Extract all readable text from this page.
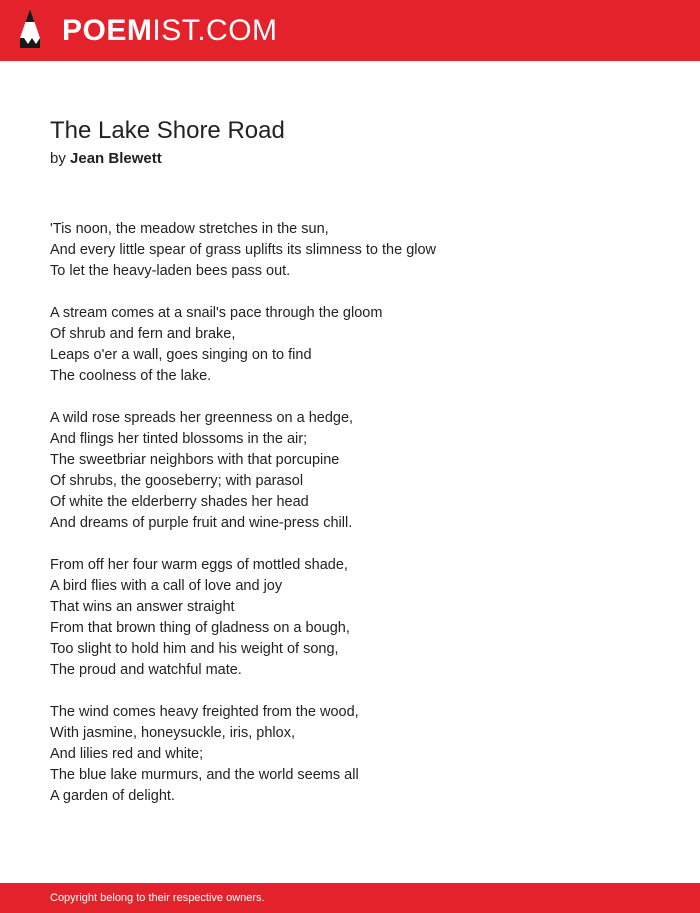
POEMIST.COM
The Lake Shore Road
by Jean Blewett
'Tis noon, the meadow stretches in the sun,
And every little spear of grass uplifts its slimness to the glow
To let the heavy-laden bees pass out.
A stream comes at a snail's pace through the gloom
Of shrub and fern and brake,
Leaps o'er a wall, goes singing on to find
The coolness of the lake.
A wild rose spreads her greenness on a hedge,
And flings her tinted blossoms in the air;
The sweetbriar neighbors with that porcupine
Of shrubs, the gooseberry; with parasol
Of white the elderberry shades her head
And dreams of purple fruit and wine-press chill.
From off her four warm eggs of mottled shade,
A bird flies with a call of love and joy
That wins an answer straight
From that brown thing of gladness on a bough,
Too slight to hold him and his weight of song,
The proud and watchful mate.
The wind comes heavy freighted from the wood,
With jasmine, honeysuckle, iris, phlox,
And lilies red and white;
The blue lake murmurs, and the world seems all
A garden of delight.
Copyright belong to their respective owners.
